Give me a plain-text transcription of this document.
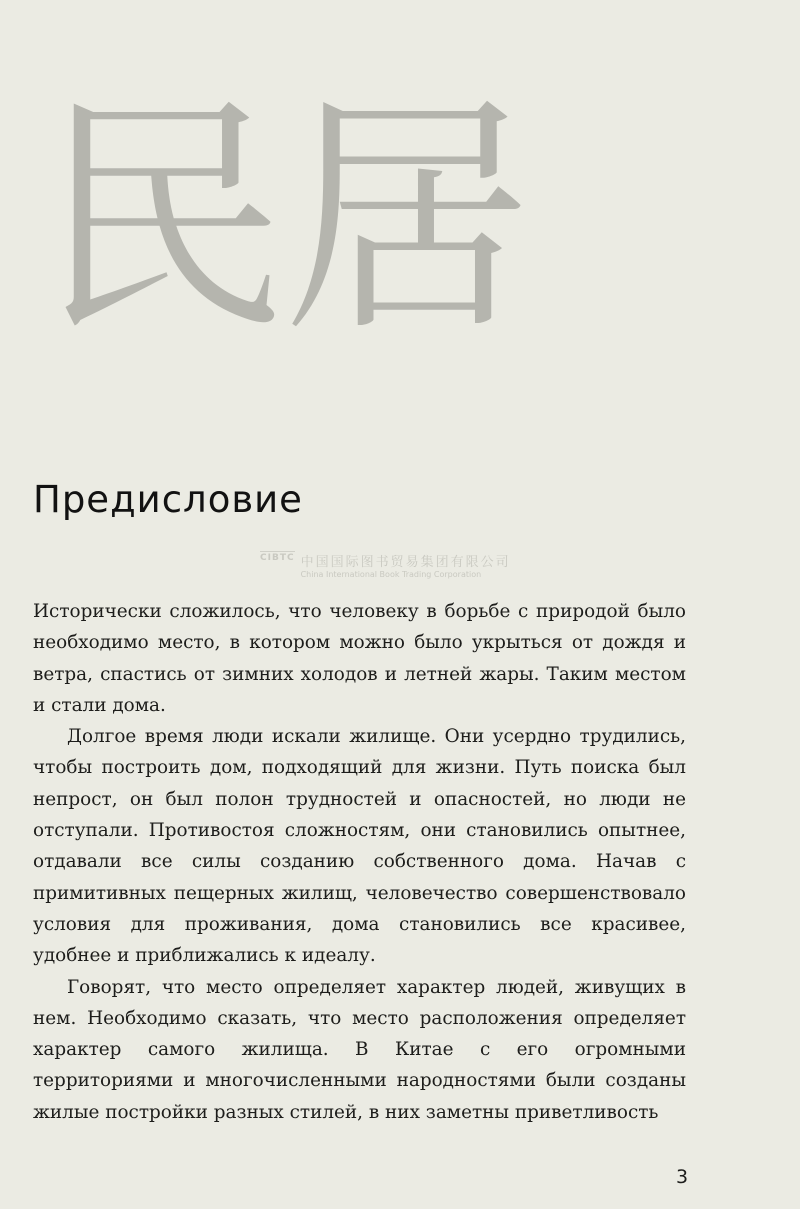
民居
CIBTC 中国国际图书贸易集团有限公司
China International Book Trading Corporation
Предисловие

Исторически сложилось, что человеку в борьбе с природой было необходимо место, в котором можно было укрыться от дождя и ветра, спастись от зимних холодов и летней жары. Таким местом и стали дома.

Долгое время люди искали жилище. Они усердно трудились, чтобы построить дом, подходящий для жизни. Путь поиска был непрост, он был полон трудностей и опасностей, но люди не отступали. Противостоя сложностям, они становились опытнее, отдавали все силы созданию собственного дома. Начав с примитивных пещерных жилищ, человечество совершенствовало условия для проживания, дома становились все красивее, удобнее и приближались к идеалу.

Говорят, что место определяет характер людей, живущих в нем. Необходимо сказать, что место расположения определяет характер самого жилища. В Китае с его огромными территориями и многочисленными народностями были созданы жилые постройки разных стилей, в них заметны приветливость

3
